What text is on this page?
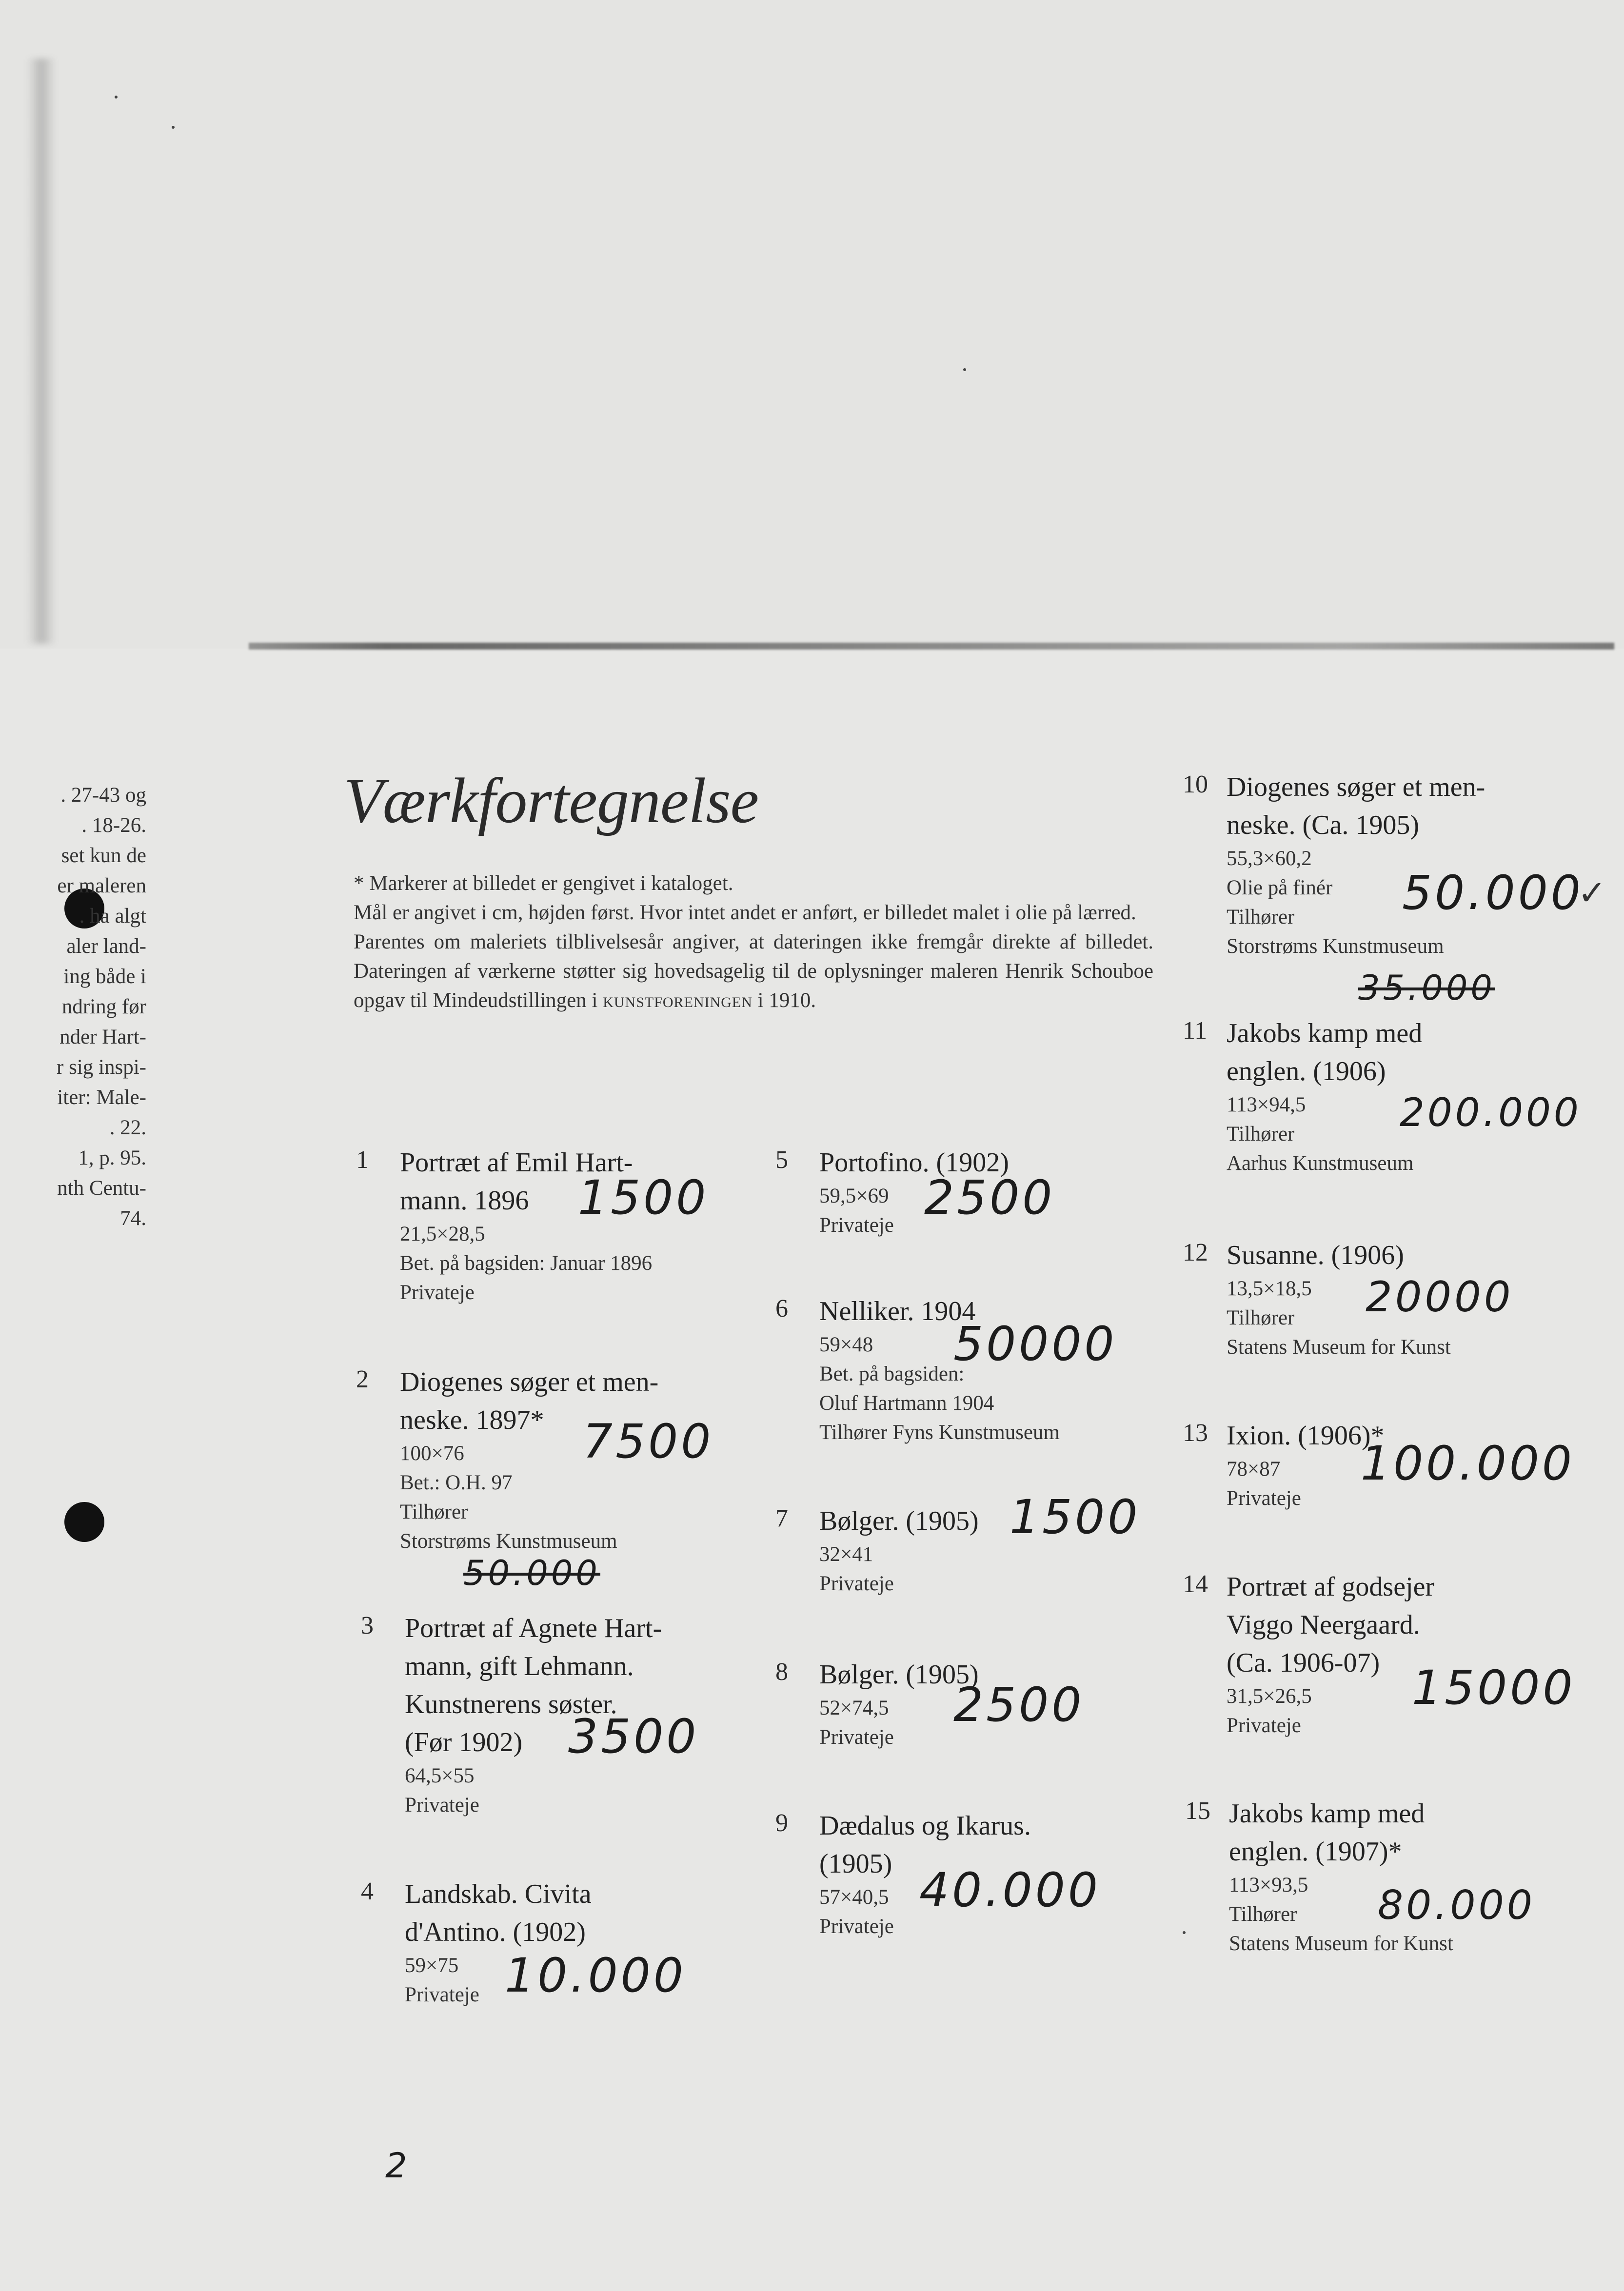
. 27-43 og
. 18-26.
set kun de
er maleren
. ha algt
aler land-
ing både i
ndring før
nder Hart-
r sig inspi-
iter: Male-
. 22.
1, p. 95.
nth Centu-
74.
Værkfortegnelse

* Markerer at billedet er gengivet i kataloget.

Mål er angivet i cm, højden først. Hvor intet andet er anført, er billedet malet i olie på lærred.

Parentes om maleriets tilblivelsesår angiver, at dateringen ikke fremgår direkte af billedet. Dateringen af værkerne støtter sig hovedsagelig til de oplysninger maleren Henrik Schouboe opgav til Mindeudstillingen i kunstforeningen i 1910.

1 Portræt af Emil Hart-
mann. 1896
21,5×28,5
Bet. på bagsiden: Januar 1896
Privateje
1500
2 Diogenes søger et men-
neske. 1897*
100×76
Bet.: O.H. 97
Tilhører
Storstrøms Kunstmuseum
7500
50.000
3 Portræt af Agnete Hart-
mann, gift Lehmann.
Kunstnerens søster.
(Før 1902)
64,5×55
Privateje
3500
4 Landskab. Civita
d'Antino. (1902)
59×75
Privateje 10.000
5 Portofino. (1902)
59,5×69
Privateje
2500
6 Nelliker. 1904
59×48
Bet. på bagsiden:
Oluf Hartmann 1904
Tilhører Fyns Kunstmuseum
50000
7 Bølger. (1905)
32×41
Privateje
1500
8 Bølger. (1905)
52×74,5
Privateje
2500
9 Dædalus og Ikarus.
(1905)
57×40,5
Privateje
40.000
10 Diogenes søger et men-
neske. (Ca. 1905)
55,3×60,2
Olie på finér
Tilhører
Storstrøms Kunstmuseum
50.000
✓
35.000
11 Jakobs kamp med
englen. (1906)
113×94,5
Tilhører
Aarhus Kunstmuseum
200.000
12 Susanne. (1906)
13,5×18,5
Tilhører
Statens Museum for Kunst
20000
13 Ixion. (1906)*
78×87
Privateje
100.000
14 Portræt af godsejer
Viggo Neergaard.
(Ca. 1906-07)
31,5×26,5
Privateje
15000
15 Jakobs kamp med
englen. (1907)*
113×93,5
Tilhører
Statens Museum for Kunst
80.000
2
